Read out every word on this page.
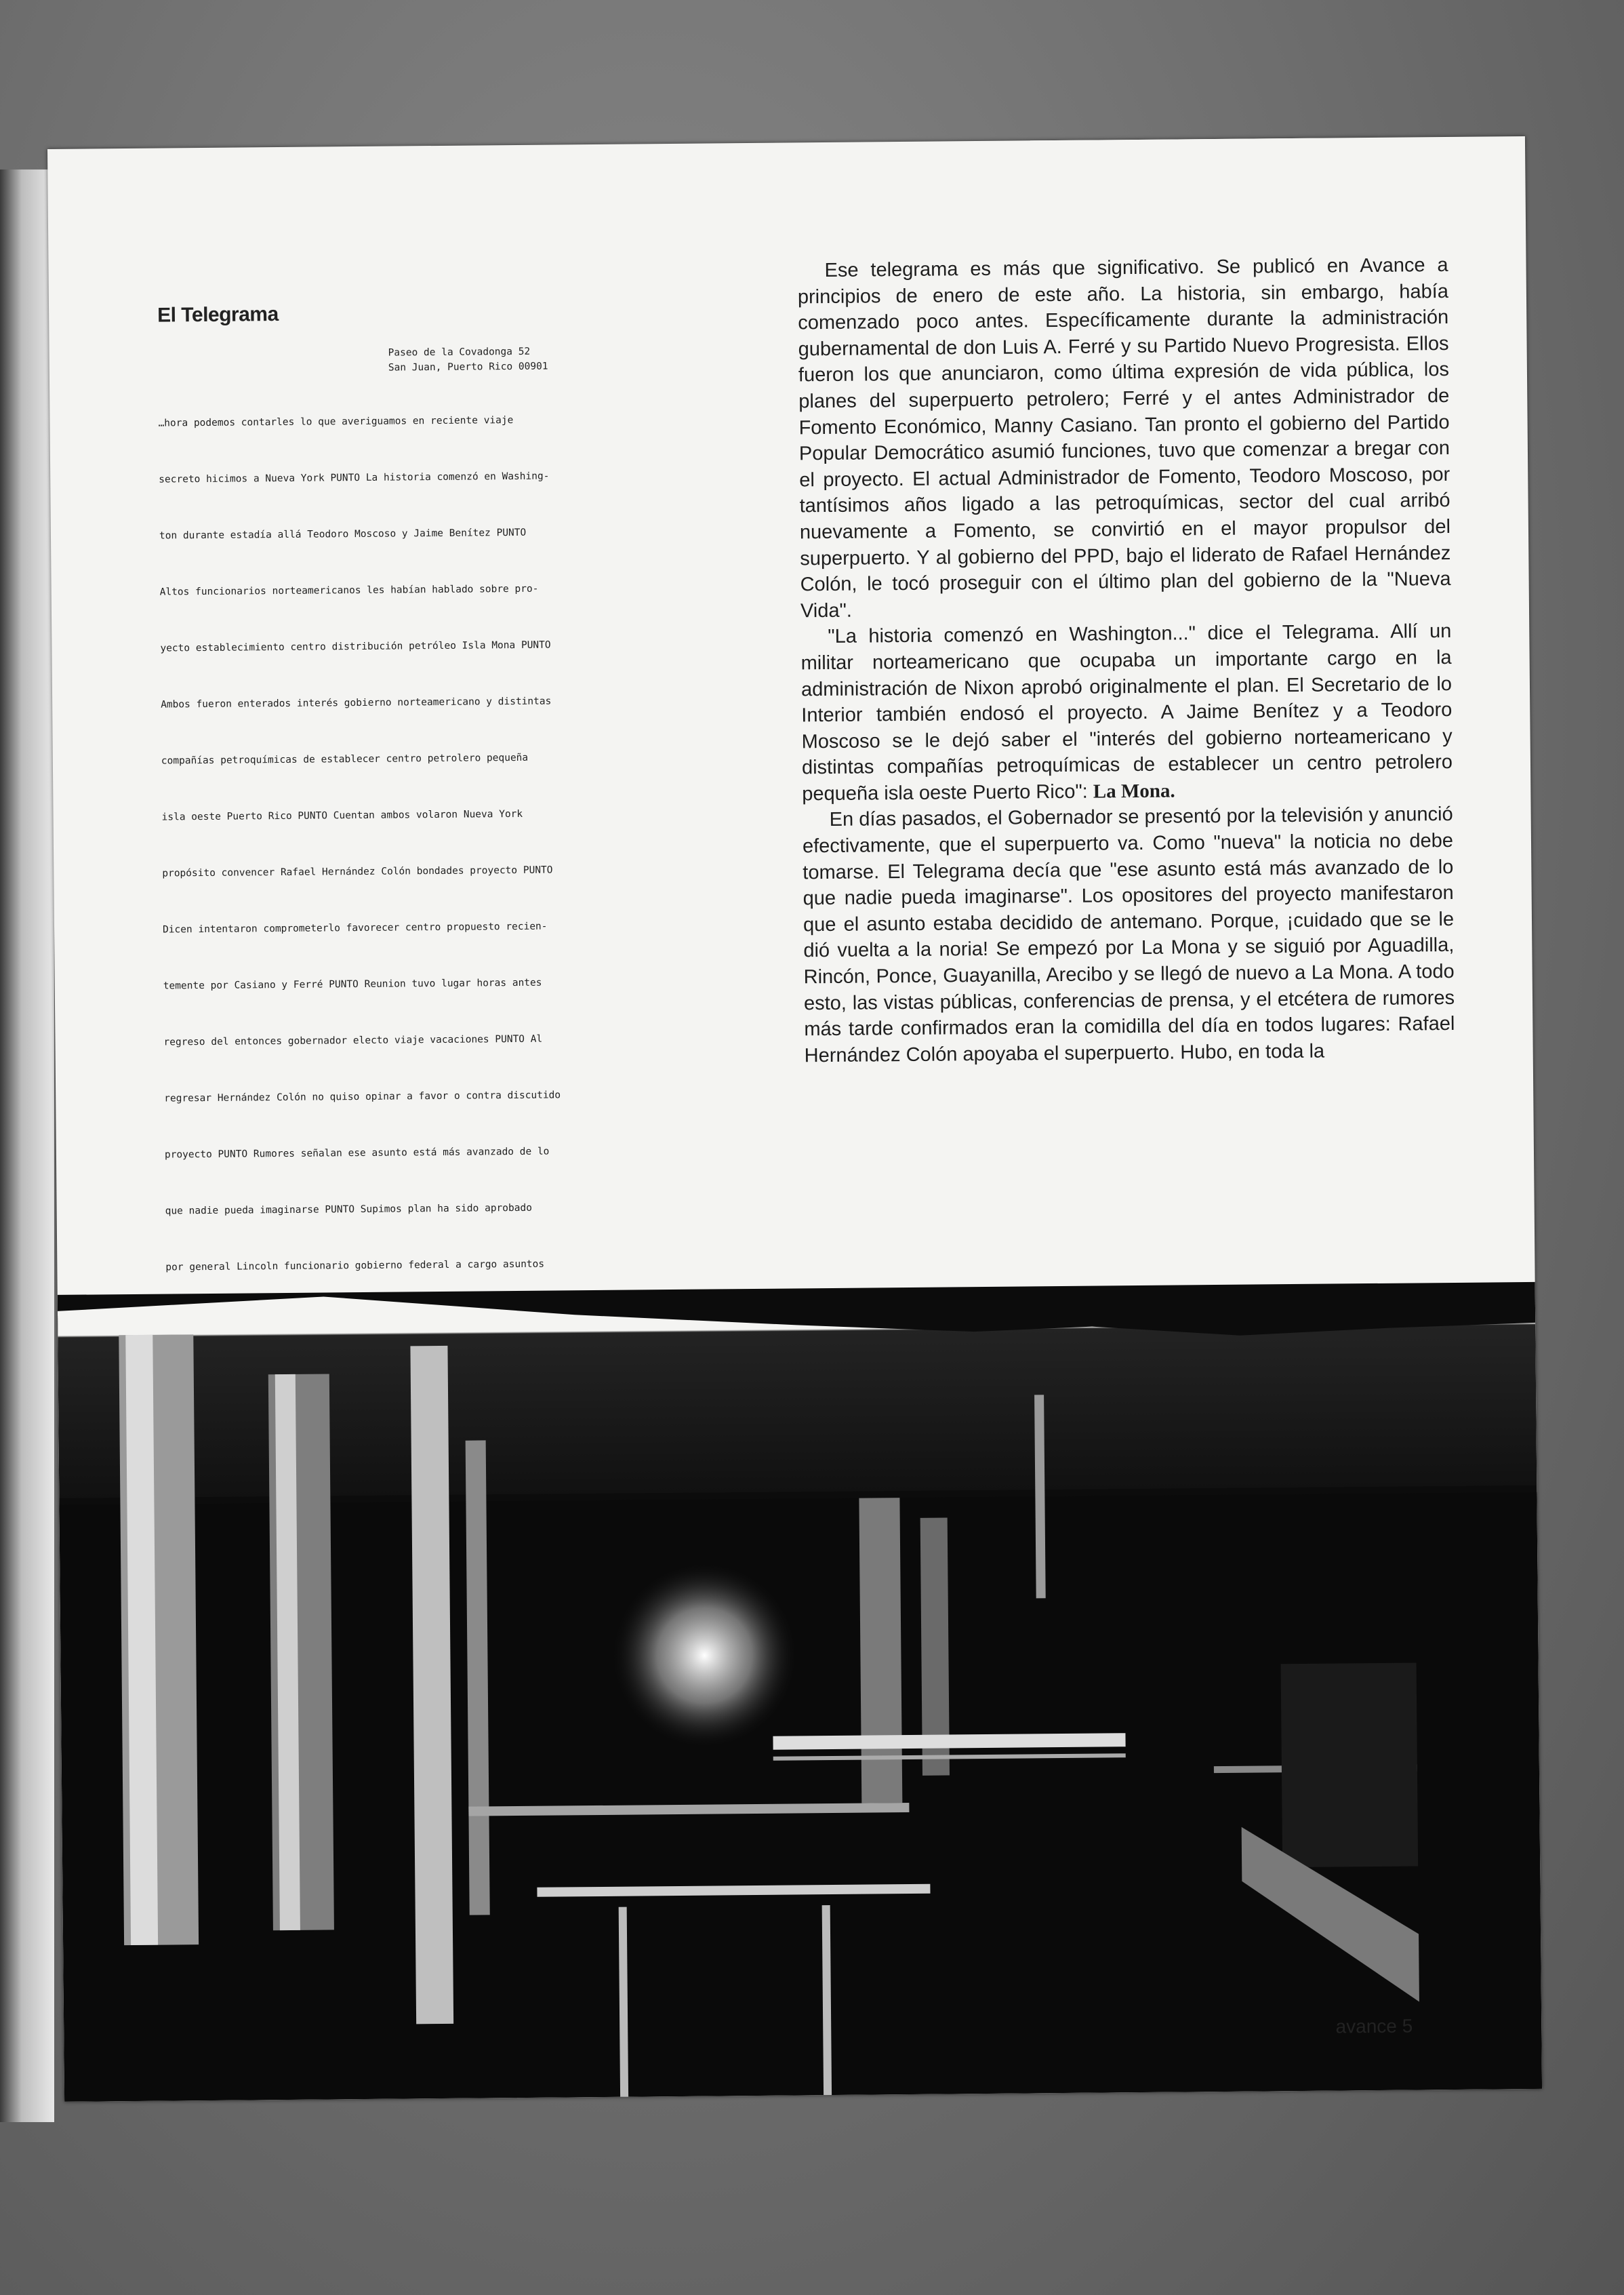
El Telegrama
Paseo de la Covadonga 52
San Juan, Puerto Rico 00901

…hora podemos contarles lo que averiguamos en reciente viaje

secreto hicimos a Nueva York PUNTO La historia comenzó en Washing-

ton durante estadía allá Teodoro Moscoso y Jaime Benítez PUNTO

Altos funcionarios norteamericanos les habían hablado sobre pro-

yecto establecimiento centro distribución petróleo Isla Mona PUNTO

Ambos fueron enterados interés gobierno norteamericano y distintas

compañías petroquímicas de establecer centro petrolero pequeña

isla oeste Puerto Rico PUNTO Cuentan ambos volaron Nueva York

propósito convencer Rafael Hernández Colón bondades proyecto PUNTO

Dicen intentaron comprometerlo favorecer centro propuesto recien-

temente por Casiano y Ferré PUNTO Reunion tuvo lugar horas antes

regreso del entonces gobernador electo viaje vacaciones PUNTO Al

regresar Hernández Colón no quiso opinar a favor o contra discutido

proyecto PUNTO Rumores señalan ese asunto está más avanzado de lo

que nadie pueda imaginarse PUNTO Supimos plan ha sido aprobado

por general Lincoln funcionario gobierno federal a cargo asuntos

Ese telegrama es más que significativo. Se publicó en Avance a principios de enero de este año. La historia, sin embargo, había comenzado poco antes. Específicamente durante la administración gubernamental de don Luis A. Ferré y su Partido Nuevo Progresista. Ellos fueron los que anunciaron, como última expresión de vida pública, los planes del superpuerto petrolero; Ferré y el antes Administrador de Fomento Económico, Manny Casiano. Tan pronto el gobierno del Partido Popular Democrático asumió funciones, tuvo que comenzar a bregar con el proyecto. El actual Administrador de Fomento, Teodoro Moscoso, por tantísimos años ligado a las petroquímicas, sector del cual arribó nuevamente a Fomento, se convirtió en el mayor propulsor del superpuerto. Y al gobierno del PPD, bajo el liderato de Rafael Hernández Colón, le tocó proseguir con el último plan del gobierno de la "Nueva Vida".

"La historia comenzó en Washington..." dice el Telegrama. Allí un militar norteamericano que ocupaba un importante cargo en la administración de Nixon aprobó originalmente el plan. El Secretario de lo Interior también endosó el proyecto. A Jaime Benítez y a Teodoro Moscoso se le dejó saber el "interés del gobierno norteamericano y distintas compañías petroquímicas de establecer un centro petrolero pequeña isla oeste Puerto Rico": La Mona.

En días pasados, el Gobernador se presentó por la televisión y anunció efectivamente, que el superpuerto va. Como "nueva" la noticia no debe tomarse. El Telegrama decía que "ese asunto está más avanzado de lo que nadie pueda imaginarse". Los opositores del proyecto manifestaron que el asunto estaba decidido de antemano. Porque, ¡cuidado que se le dió vuelta a la noria! Se empezó por La Mona y se siguió por Aguadilla, Rincón, Ponce, Guayanilla, Arecibo y se llegó de nuevo a La Mona. A todo esto, las vistas públicas, conferencias de prensa, y el etcétera de rumores más tarde confirmados eran la comidilla del día en todos lugares: Rafael Hernández Colón apoyaba el superpuerto. Hubo, en toda la

avance 5
